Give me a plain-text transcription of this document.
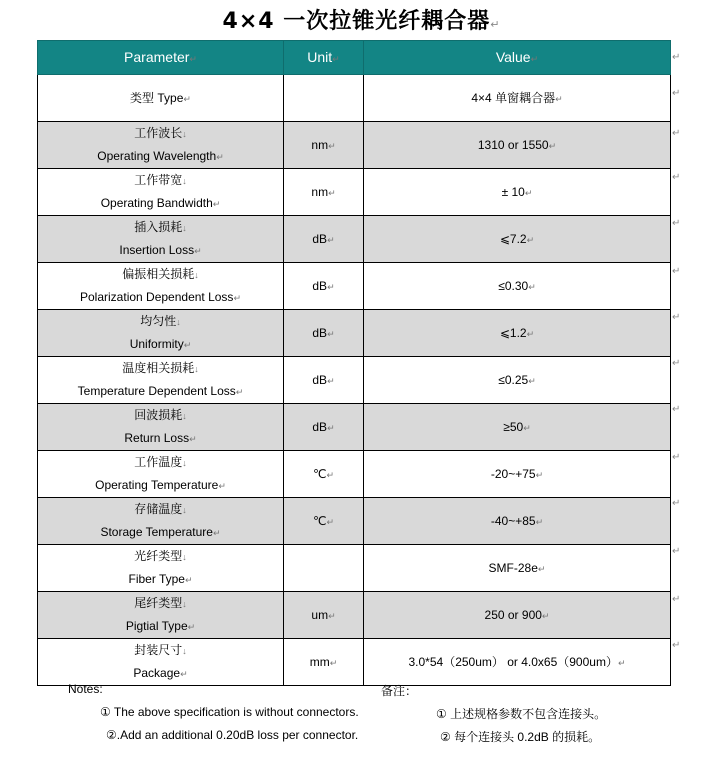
4×4 一次拉锥光纤耦合器↵
Parameter↵	Unit↵	Value↵
类型 Type↵		4×4 单窗耦合器↵

工作波长↓
Operating Wavelength↵	nm↵	1310 or 1550↵

工作带宽↓
Operating Bandwidth↵	nm↵	± 10↵

插入损耗↓
Insertion Loss↵	dB↵	⩽7.2↵

偏振相关损耗↓
Polarization Dependent Loss↵	dB↵	≤0.30↵

均匀性↓
Uniformity↵	dB↵	⩽1.2↵

温度相关损耗↓
Temperature Dependent Loss↵	dB↵	≤0.25↵

回波损耗↓
Return Loss↵	dB↵	≥50↵

工作温度↓
Operating Temperature↵	℃↵	-20~+75↵

存储温度↓
Storage Temperature↵	℃↵	-40~+85↵

光纤类型↓
Fiber Type↵		SMF-28e↵

尾纤类型↓
Pigtial Type↵	um↵	250 or 900↵

封装尺寸↓
Package↵	mm↵	3.0*54（250um） or 4.0x65（900um）↵
↵
↵
↵
↵
↵
↵
↵
↵
↵
↵
↵
↵
↵
↵
Notes:
① The above specification is without connectors.
②.Add an additional 0.20dB loss per connector.
备注：
① 上述规格参数不包含连接头。
② 每个连接头 0.2dB 的损耗。
